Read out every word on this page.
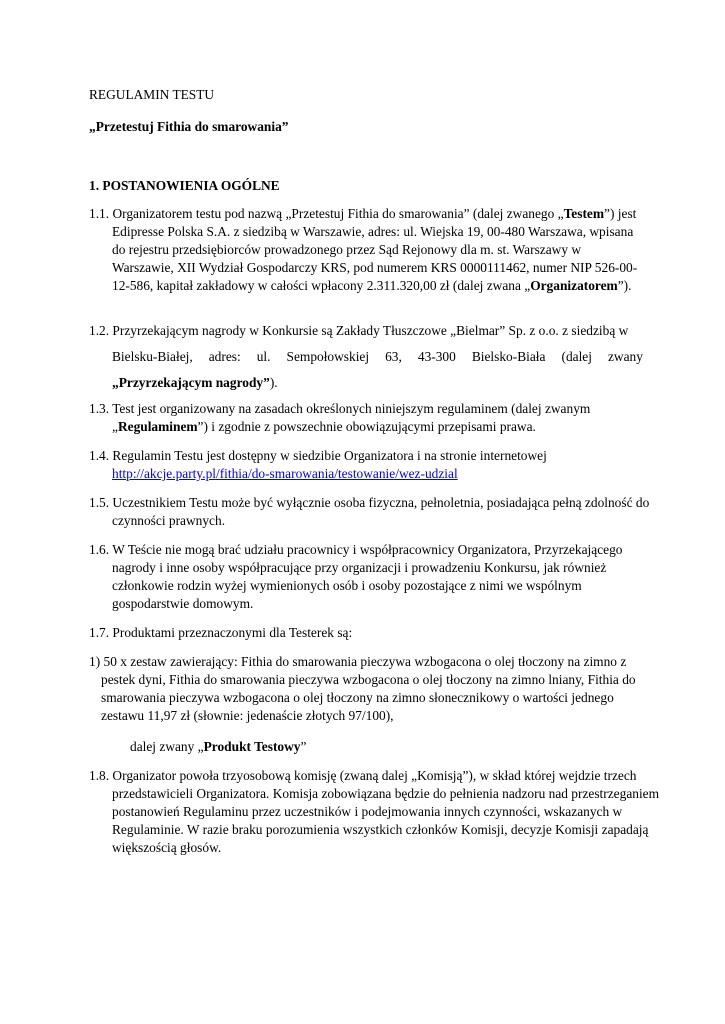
REGULAMIN TESTU

„Przetestuj Fithia do smarowania”

1. POSTANOWIENIA OGÓLNE

1.1. Organizatorem testu pod nazwą „Przetestuj Fithia do smarowania” (dalej zwanego „Testem”) jest Edipresse Polska S.A. z siedzibą w Warszawie, adres: ul. Wiejska 19, 00-480 Warszawa, wpisana do rejestru przedsiębiorców prowadzonego przez Sąd Rejonowy dla m. st. Warszawy w Warszawie, XII Wydział Gospodarczy KRS, pod numerem KRS 0000111462, numer NIP 526-00-12-586, kapitał zakładowy w całości wpłacony 2.311.320,00 zł (dalej zwana „Organizatorem”).

1.2. Przyrzekającym nagrody w Konkursie są Zakłady Tłuszczowe „Bielmar” Sp. z o.o. z siedzibą w
Bielsku-Białej, adres: ul. Sempołowskiej 63, 43-300 Bielsko-Biała (dalej zwany
„Przyrzekającym nagrody”).

1.3. Test jest organizowany na zasadach określonych niniejszym regulaminem (dalej zwanym „Regulaminem”) i zgodnie z powszechnie obowiązującymi przepisami prawa.

1.4. Regulamin Testu jest dostępny w siedzibie Organizatora i na stronie internetowej
http://akcje.party.pl/fithia/do-smarowania/testowanie/wez-udzial

1.5. Uczestnikiem Testu może być wyłącznie osoba fizyczna, pełnoletnia, posiadająca pełną zdolność do czynności prawnych.

1.6. W Teście nie mogą brać udziału pracownicy i współpracownicy Organizatora, Przyrzekającego nagrody i inne osoby współpracujące przy organizacji i prowadzeniu Konkursu, jak również członkowie rodzin wyżej wymienionych osób i osoby pozostające z nimi we wspólnym gospodarstwie domowym.

1.7. Produktami przeznaczonymi dla Testerek są:

1) 50 x zestaw zawierający: Fithia do smarowania pieczywa wzbogacona o olej tłoczony na zimno z pestek dyni, Fithia do smarowania pieczywa wzbogacona o olej tłoczony na zimno lniany, Fithia do smarowania pieczywa wzbogacona o olej tłoczony na zimno słonecznikowy o wartości jednego zestawu 11,97 zł (słownie: jedenaście złotych 97/100),

dalej zwany „Produkt Testowy”

1.8. Organizator powoła trzyosobową komisję (zwaną dalej „Komisją”), w skład której wejdzie trzech przedstawicieli Organizatora. Komisja zobowiązana będzie do pełnienia nadzoru nad przestrzeganiem postanowień Regulaminu przez uczestników i podejmowania innych czynności, wskazanych w Regulaminie. W razie braku porozumienia wszystkich członków Komisji, decyzje Komisji zapadają większością głosów.
